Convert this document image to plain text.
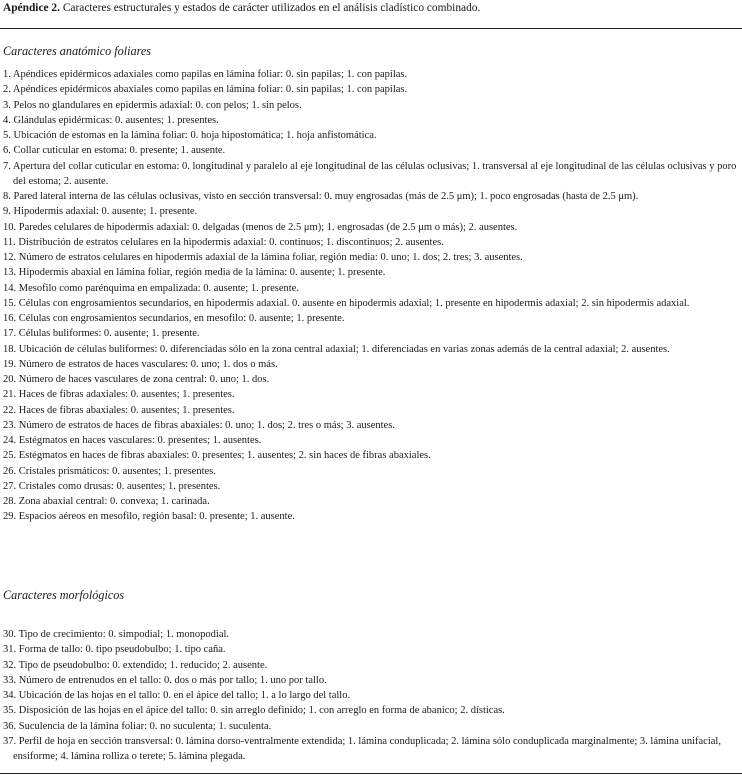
Apéndice 2. Caracteres estructurales y estados de carácter utilizados en el análisis cladístico combinado.
Caracteres anatómico foliares
1. Apéndices epidérmicos adaxiales como papilas en lámina foliar: 0. sin papilas; 1. con papilas.
2. Apéndices epidérmicos abaxiales como papilas en lámina foliar: 0. sin papilas; 1. con papilas.
3. Pelos no glandulares en epidermis adaxial: 0. con pelos; 1. sin pelos.
4. Glándulas epidérmicas: 0. ausentes; 1. presentes.
5. Ubicación de estomas en la lámina foliar: 0. hoja hipostomática; 1. hoja anfistomática.
6. Collar cuticular en estoma: 0. presente; 1. ausente.
7. Apertura del collar cuticular en estoma: 0. longitudinal y paralelo al eje longitudinal de las células oclusivas; 1. transversal al eje longitudinal de las células oclusivas y poro del estoma; 2. ausente.
8. Pared lateral interna de las células oclusivas, visto en sección transversal: 0. muy engrosadas (más de 2.5 μm); 1. poco engrosadas (hasta de 2.5 μm).
9. Hipodermis adaxial: 0. ausente; 1. presente.
10. Paredes celulares de hipodermis adaxial: 0. delgadas (menos de 2.5 μm); 1. engrosadas (de 2.5 μm o más); 2. ausentes.
11. Distribución de estratos celulares en la hipodermis adaxial: 0. continuos; 1. discontinuos; 2. ausentes.
12. Número de estratos celulares en hipodermis adaxial de la lámina foliar, región media: 0. uno; 1. dos; 2. tres; 3. ausentes.
13. Hipodermis abaxial en lámina foliar, región media de la lámina: 0. ausente; 1. presente.
14. Mesofilo como parénquima en empalizada: 0. ausente; 1. presente.
15. Células con engrosamientos secundarios, en hipodermis adaxial. 0. ausente en hipodermis adaxial; 1. presente en hipodermis adaxial; 2. sin hipodermis adaxial.
16. Células con engrosamientos secundarios, en mesofilo: 0. ausente; 1. presente.
17. Células buliformes: 0. ausente; 1. presente.
18. Ubicación de células buliformes: 0. diferenciadas sólo en la zona central adaxial; 1. diferenciadas en varias zonas además de la central adaxial; 2. ausentes.
19. Número de estratos de haces vasculares: 0. uno; 1. dos o más.
20. Número de haces vasculares de zona central: 0. uno; 1. dos.
21. Haces de fibras adaxiales: 0. ausentes; 1. presentes.
22. Haces de fibras abaxiales: 0. ausentes; 1. presentes.
23. Número de estratos de haces de fibras abaxiales: 0. uno; 1. dos; 2. tres o más; 3. ausentes.
24. Estégmatos en haces vasculares: 0. presentes; 1. ausentes.
25. Estégmatos en haces de fibras abaxiales: 0. presentes; 1. ausentes; 2. sin haces de fibras abaxiales.
26. Cristales prismáticos: 0. ausentes; 1. presentes.
27. Cristales como drusas: 0. ausentes; 1. presentes.
28. Zona abaxial central: 0. convexa; 1. carinada.
29. Espacios aéreos en mesofilo, región basal: 0. presente; 1. ausente.
Caracteres morfológicos
30. Tipo de crecimiento: 0. simpodial; 1. monopodial.
31. Forma de tallo: 0. tipo pseudobulbo; 1. tipo caña.
32. Tipo de pseudobulbo: 0. extendido; 1. reducido; 2. ausente.
33. Número de entrenudos en el tallo: 0. dos o más por tallo; 1. uno por tallo.
34. Ubicación de las hojas en el tallo: 0. en el ápice del tallo; 1. a lo largo del tallo.
35. Disposición de las hojas en el ápice del tallo: 0. sin arreglo definido; 1. con arreglo en forma de abanico; 2. dísticas.
36. Suculencia de la lámina foliar: 0. no suculenta; 1. suculenta.
37. Perfil de hoja en sección transversal: 0. lámina dorso-ventralmente extendida; 1. lámina conduplicada; 2. lámina sólo conduplicada marginalmente; 3. lámina unifacial, ensiforme; 4. lámina rolliza o terete; 5. lámina plegada.
